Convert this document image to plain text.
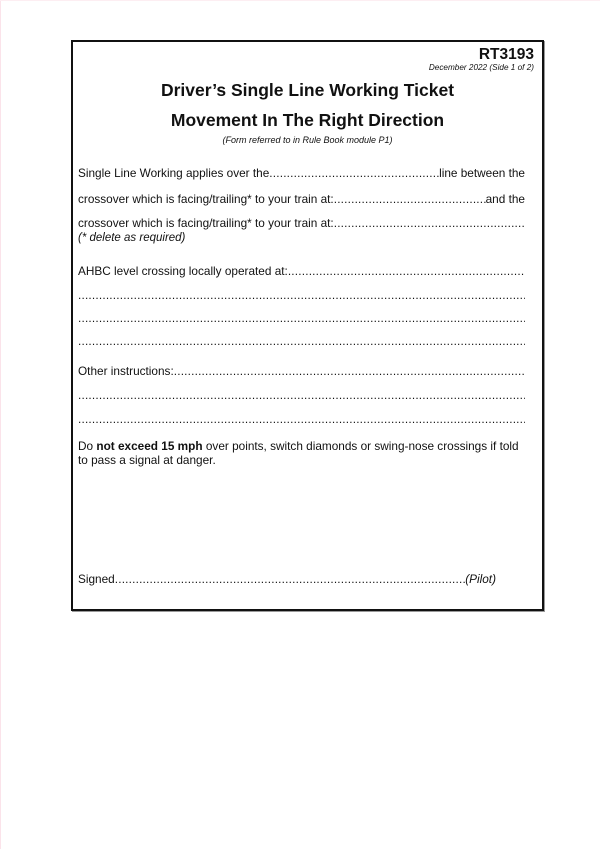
RT3193
December 2022 (Side 1 of 2)
Driver’s Single Line Working Ticket
Movement In The Right Direction
(Form referred to in Rule Book module P1)
Single Line Working applies over the .....	line between the
crossover which is facing/trailing* to your train at: .....	and the
crossover which is facing/trailing* to your train at:
.....
(* delete as required)
AHBC level crossing locally operated at:
.....
.....
.....
.....
Other instructions:
.....
.....
.....
Do not exceed 15 mph over points, switch diamonds or swing-nose crossings if told to pass a signal at danger.
Signed .....	(Pilot)
